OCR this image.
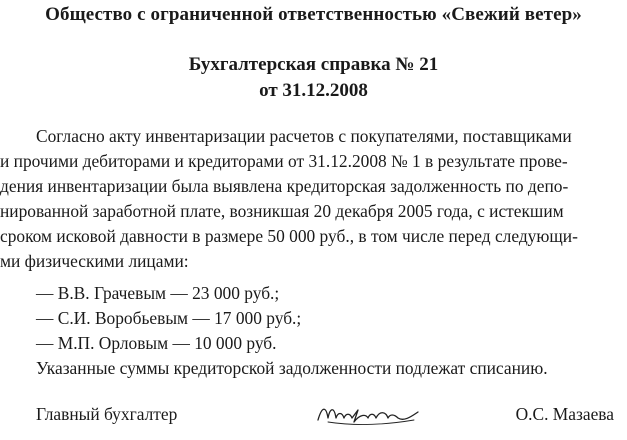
Общество с ограниченной ответственностью «Свежий ветер»
Бухгалтерская справка № 21
от 31.12.2008
Согласно акту инвентаризации расчетов с покупателями, поставщиками
и прочими дебиторами и кредиторами от 31.12.2008 № 1 в результате прове-
дения инвентаризации была выявлена кредиторская задолженность по депо-
нированной заработной плате, возникшая 20 декабря 2005 года, с истекшим
сроком исковой давности в размере 50 000 руб., в том числе перед следующи-
ми физическими лицами:
— В.В. Грачевым — 23 000 руб.;
— С.И. Воробьевым — 17 000 руб.;
— М.П. Орловым — 10 000 руб.
Указанные суммы кредиторской задолженности подлежат списанию.
Главный бухгалтер	О.С. Мазаева
